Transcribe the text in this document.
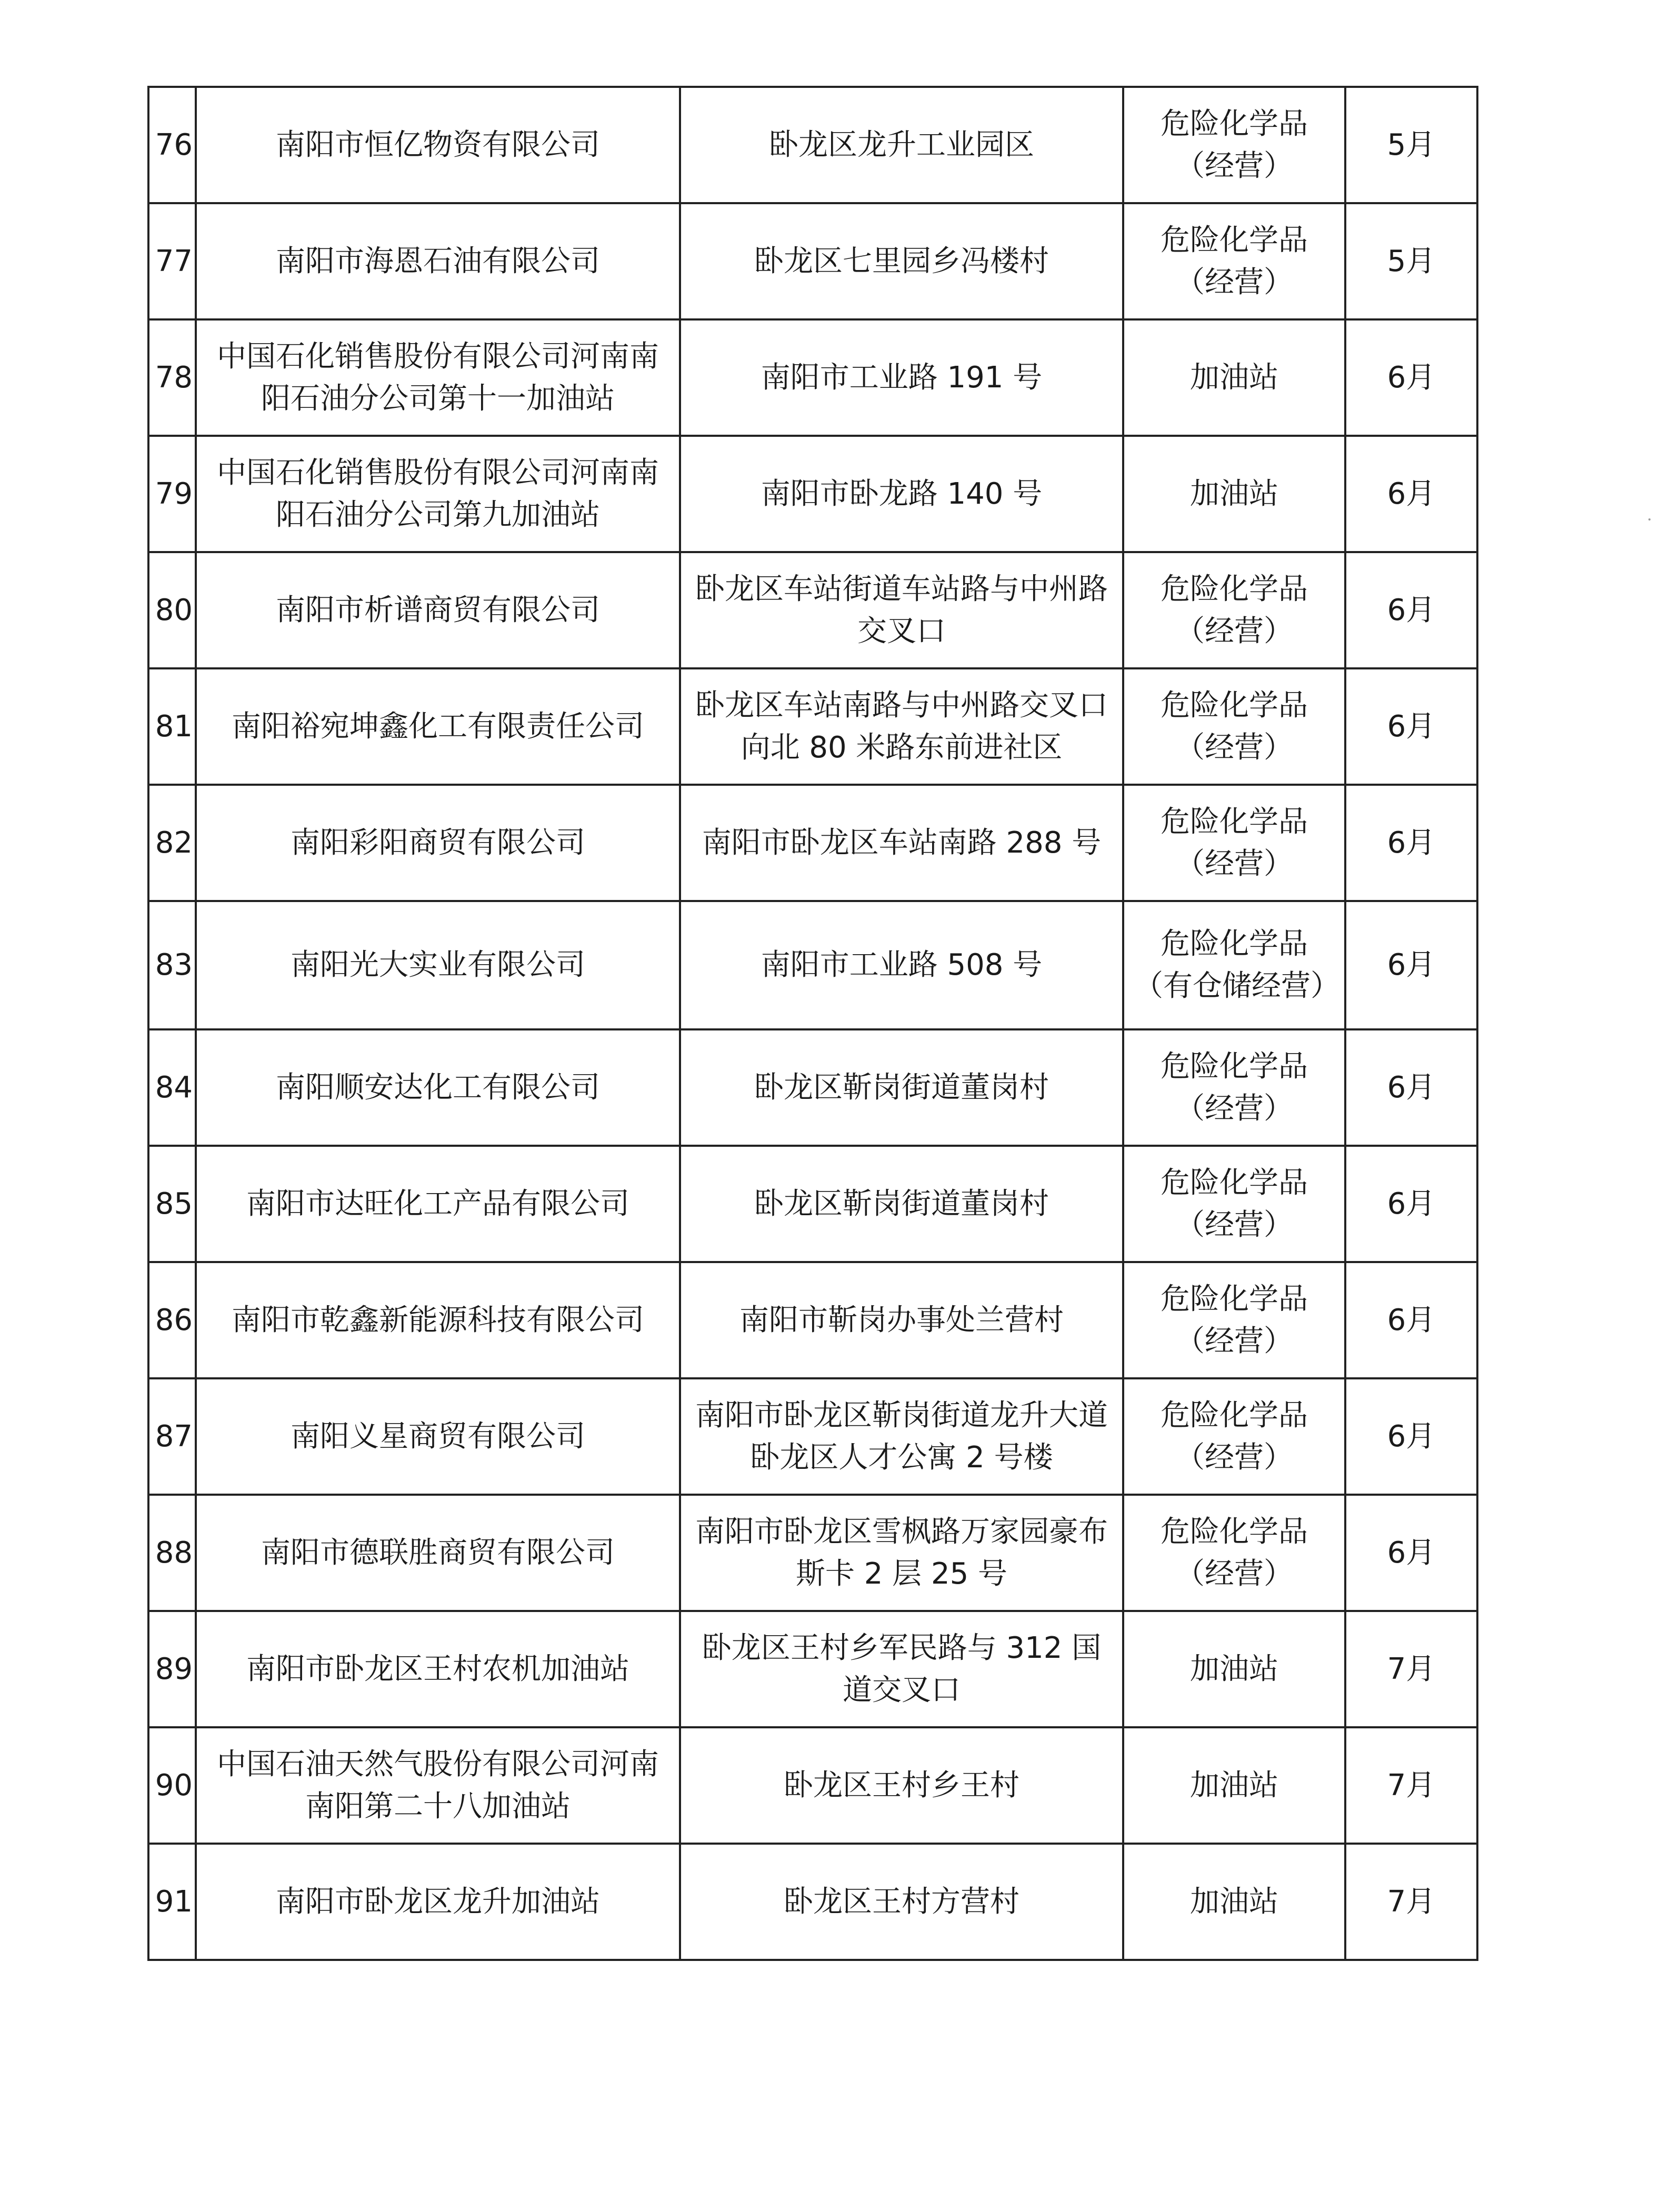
76	南阳市恒亿物资有限公司	卧龙区龙升工业园区	危险化学品（经营）	5月
77	南阳市海恩石油有限公司	卧龙区七里园乡冯楼村	危险化学品（经营）	5月
78	中国石化销售股份有限公司河南南阳石油分公司第十一加油站	南阳市工业路 191 号	加油站	6月
79	中国石化销售股份有限公司河南南阳石油分公司第九加油站	南阳市卧龙路 140 号	加油站	6月
80	南阳市析谱商贸有限公司	卧龙区车站街道车站路与中州路交叉口	危险化学品（经营）	6月
81	南阳裕宛坤鑫化工有限责任公司	卧龙区车站南路与中州路交叉口向北 80 米路东前进社区	危险化学品（经营）	6月
82	南阳彩阳商贸有限公司	南阳市卧龙区车站南路 288 号	危险化学品（经营）	6月
83	南阳光大实业有限公司	南阳市工业路 508 号	危险化学品（有仓储经营）	6月
84	南阳顺安达化工有限公司	卧龙区靳岗街道董岗村	危险化学品（经营）	6月
85	南阳市达旺化工产品有限公司	卧龙区靳岗街道董岗村	危险化学品（经营）	6月
86	南阳市乾鑫新能源科技有限公司	南阳市靳岗办事处兰营村	危险化学品（经营）	6月
87	南阳义星商贸有限公司	南阳市卧龙区靳岗街道龙升大道卧龙区人才公寓 2 号楼	危险化学品（经营）	6月
88	南阳市德联胜商贸有限公司	南阳市卧龙区雪枫路万家园豪布斯卡 2 层 25 号	危险化学品（经营）	6月
89	南阳市卧龙区王村农机加油站	卧龙区王村乡军民路与 312 国道交叉口	加油站	7月
90	中国石油天然气股份有限公司河南南阳第二十八加油站	卧龙区王村乡王村	加油站	7月
91	南阳市卧龙区龙升加油站	卧龙区王村方营村	加油站	7月
